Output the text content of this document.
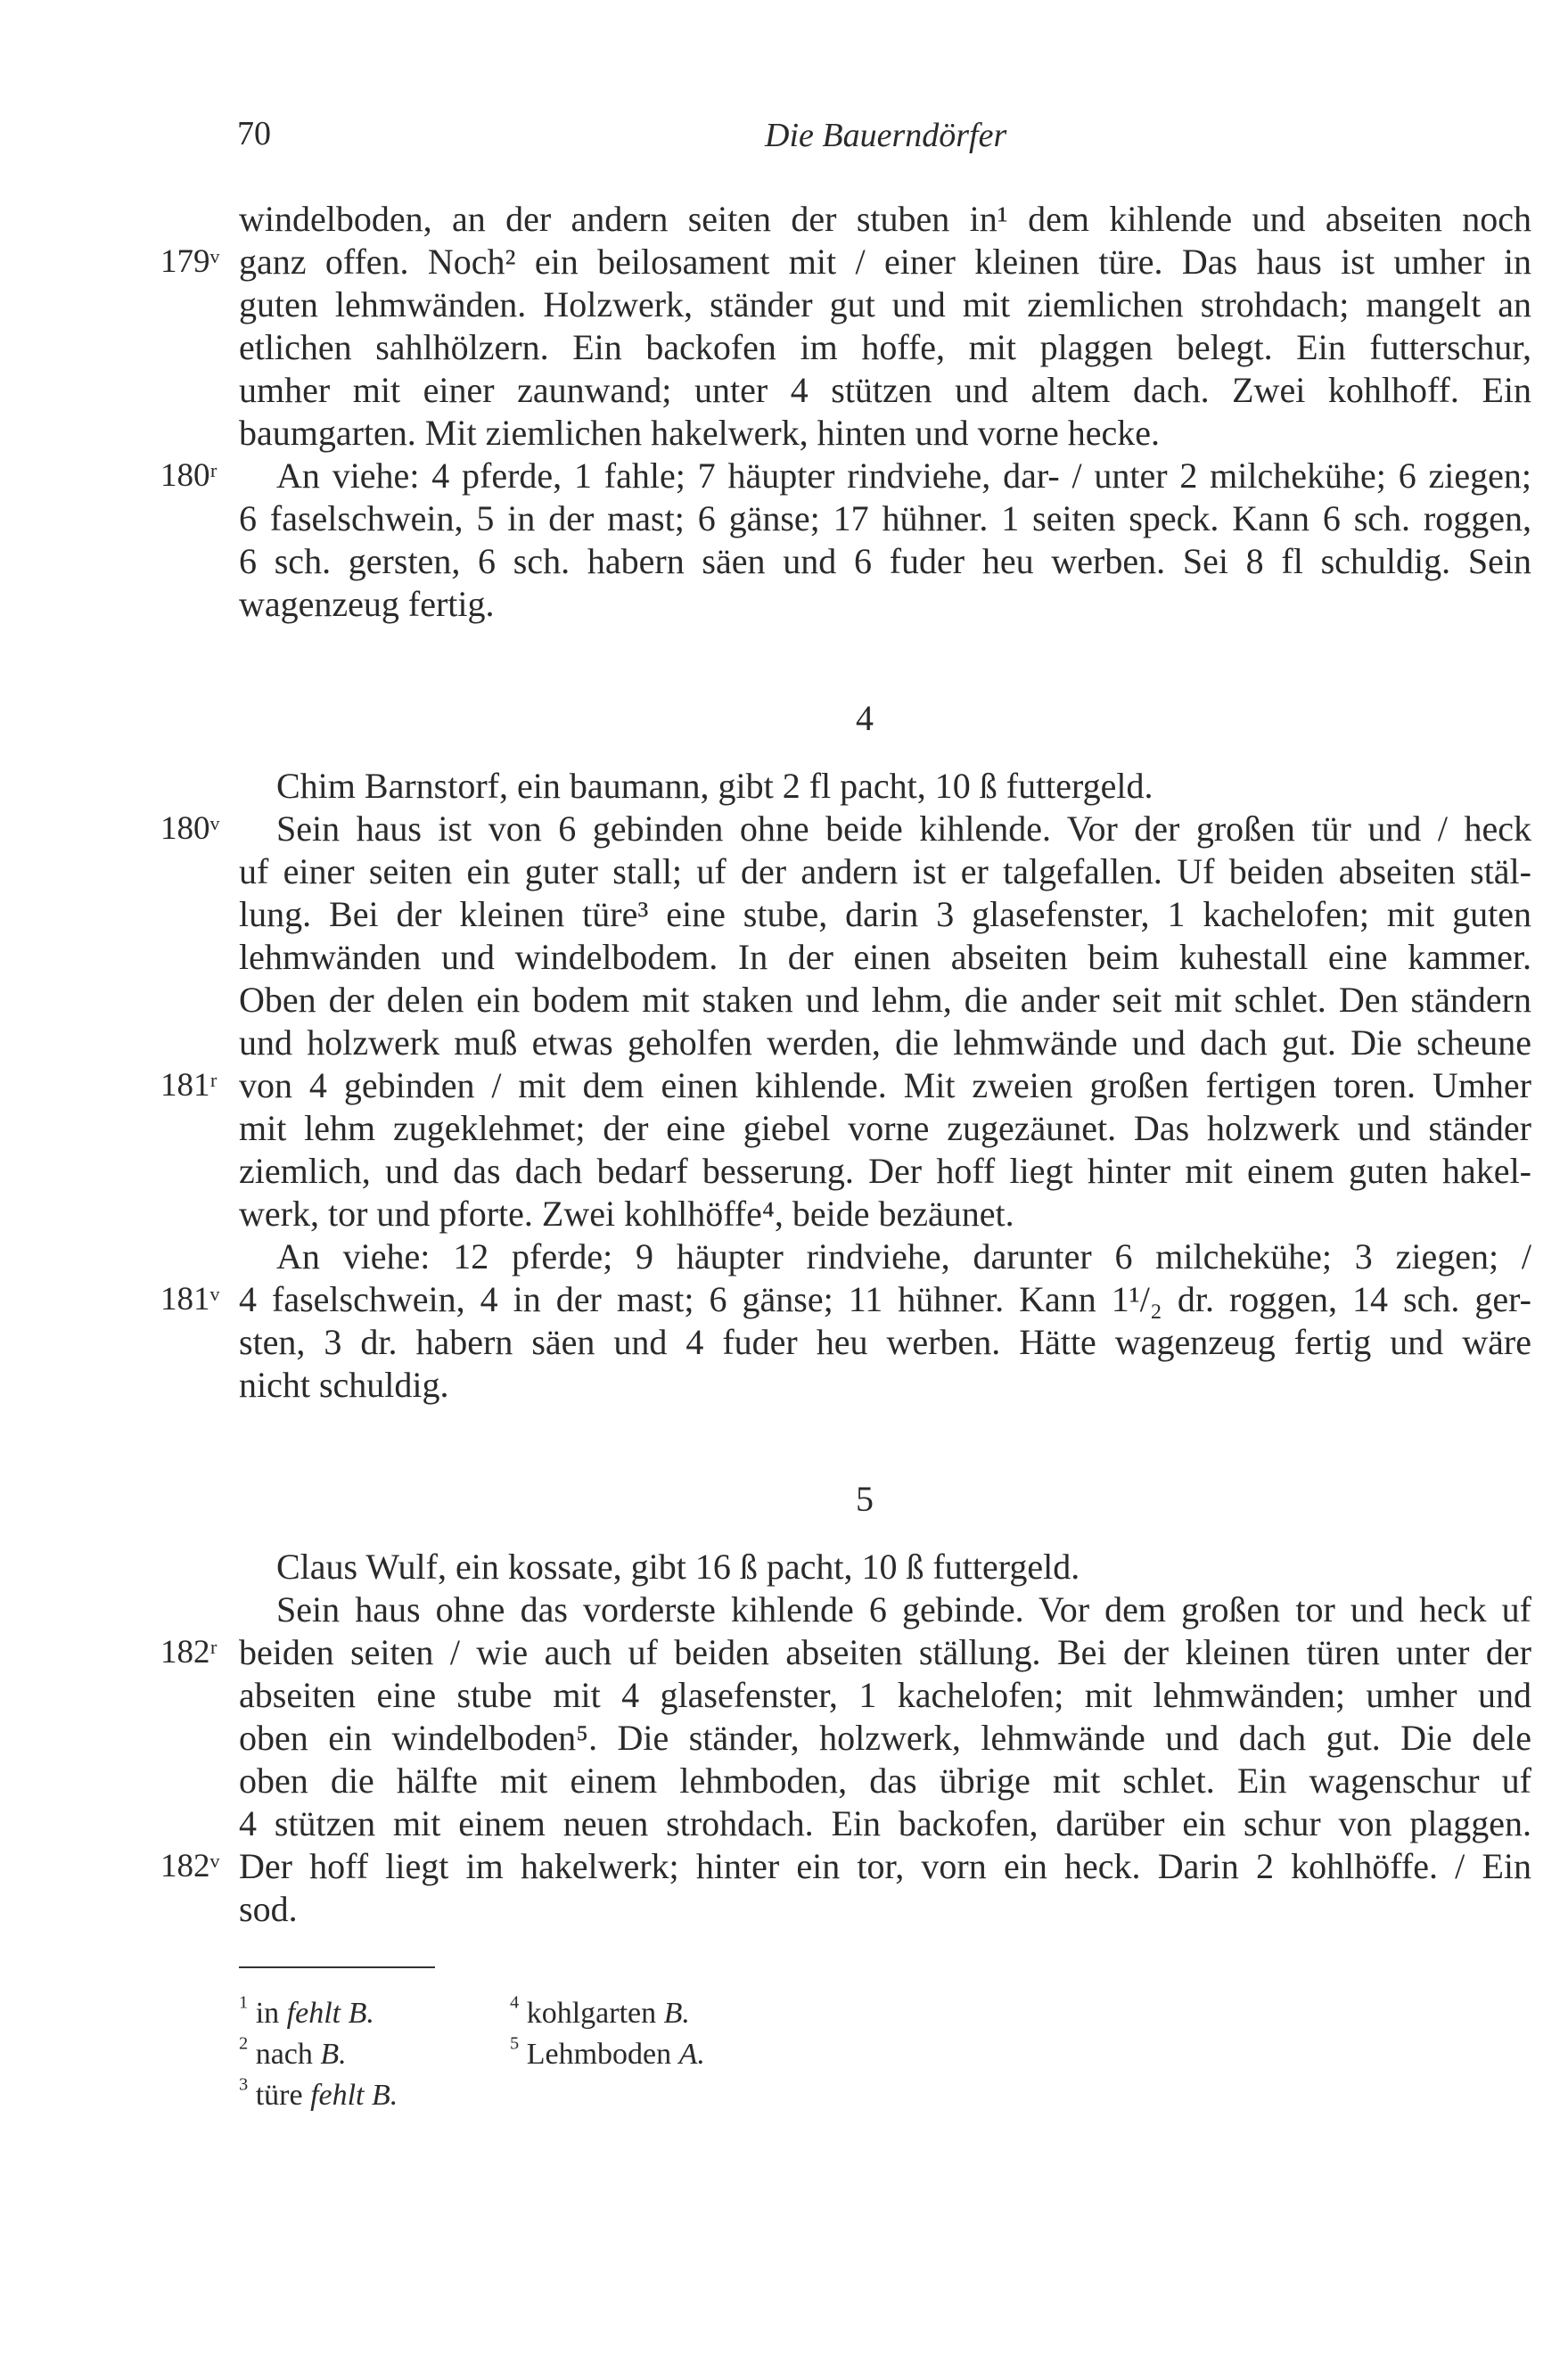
70	Die Bauerndörfer
windelboden, an der andern seiten der stuben in¹ dem kihlende und abseiten noch
ganz offen. Noch² ein beilosament mit / einer kleinen türe. Das haus ist umher in
guten lehmwänden. Holzwerk, ständer gut und mit ziemlichen strohdach; mangelt an
etlichen sahlhölzern. Ein backofen im hoffe, mit plaggen belegt. Ein futterschur,
umher mit einer zaunwand; unter 4 stützen und altem dach. Zwei kohlhoff. Ein
baumgarten. Mit ziemlichen hakelwerk, hinten und vorne hecke.
An viehe: 4 pferde, 1 fahle; 7 häupter rindviehe, dar- / unter 2 milchekühe; 6 ziegen;
6 faselschwein, 5 in der mast; 6 gänse; 17 hühner. 1 seiten speck. Kann 6 sch. roggen,
6 sch. gersten, 6 sch. habern säen und 6 fuder heu werben. Sei 8 fl schuldig. Sein
wagenzeug fertig.
4
Chim Barnstorf, ein baumann, gibt 2 fl pacht, 10 ß futtergeld.
Sein haus ist von 6 gebinden ohne beide kihlende. Vor der großen tür und / heck
uf einer seiten ein guter stall; uf der andern ist er talgefallen. Uf beiden abseiten stäl-
lung. Bei der kleinen türe³ eine stube, darin 3 glasefenster, 1 kachelofen; mit guten
lehmwänden und windelbodem. In der einen abseiten beim kuhestall eine kammer.
Oben der delen ein bodem mit staken und lehm, die ander seit mit schlet. Den ständern
und holzwerk muß etwas geholfen werden, die lehmwände und dach gut. Die scheune
von 4 gebinden / mit dem einen kihlende. Mit zweien großen fertigen toren. Umher
mit lehm zugeklehmet; der eine giebel vorne zugezäunet. Das holzwerk und ständer
ziemlich, und das dach bedarf besserung. Der hoff liegt hinter mit einem guten hakel-
werk, tor und pforte. Zwei kohlhöffe⁴, beide bezäunet.
An viehe: 12 pferde; 9 häupter rindviehe, darunter 6 milchekühe; 3 ziegen; /
4 faselschwein, 4 in der mast; 6 gänse; 11 hühner. Kann 1¹/₂ dr. roggen, 14 sch. ger-
sten, 3 dr. habern säen und 4 fuder heu werben. Hätte wagenzeug fertig und wäre
nicht schuldig.
5
Claus Wulf, ein kossate, gibt 16 ß pacht, 10 ß futtergeld.
Sein haus ohne das vorderste kihlende 6 gebinde. Vor dem großen tor und heck uf
beiden seiten / wie auch uf beiden abseiten ställung. Bei der kleinen türen unter der
abseiten eine stube mit 4 glasefenster, 1 kachelofen; mit lehmwänden; umher und
oben ein windelboden⁵. Die ständer, holzwerk, lehmwände und dach gut. Die dele
oben die hälfte mit einem lehmboden, das übrige mit schlet. Ein wagenschur uf
4 stützen mit einem neuen strohdach. Ein backofen, darüber ein schur von plaggen.
Der hoff liegt im hakelwerk; hinter ein tor, vorn ein heck. Darin 2 kohlhöffe. / Ein
sod.
179ᵛ
180ʳ
180ᵛ
181ʳ
181ᵛ
182ʳ
182ᵛ
$^1$ in fehlt B.
$^2$ nach B.
$^3$ türe fehlt B.
$^4$ kohlgarten B.
$^5$ Lehmboden A.
